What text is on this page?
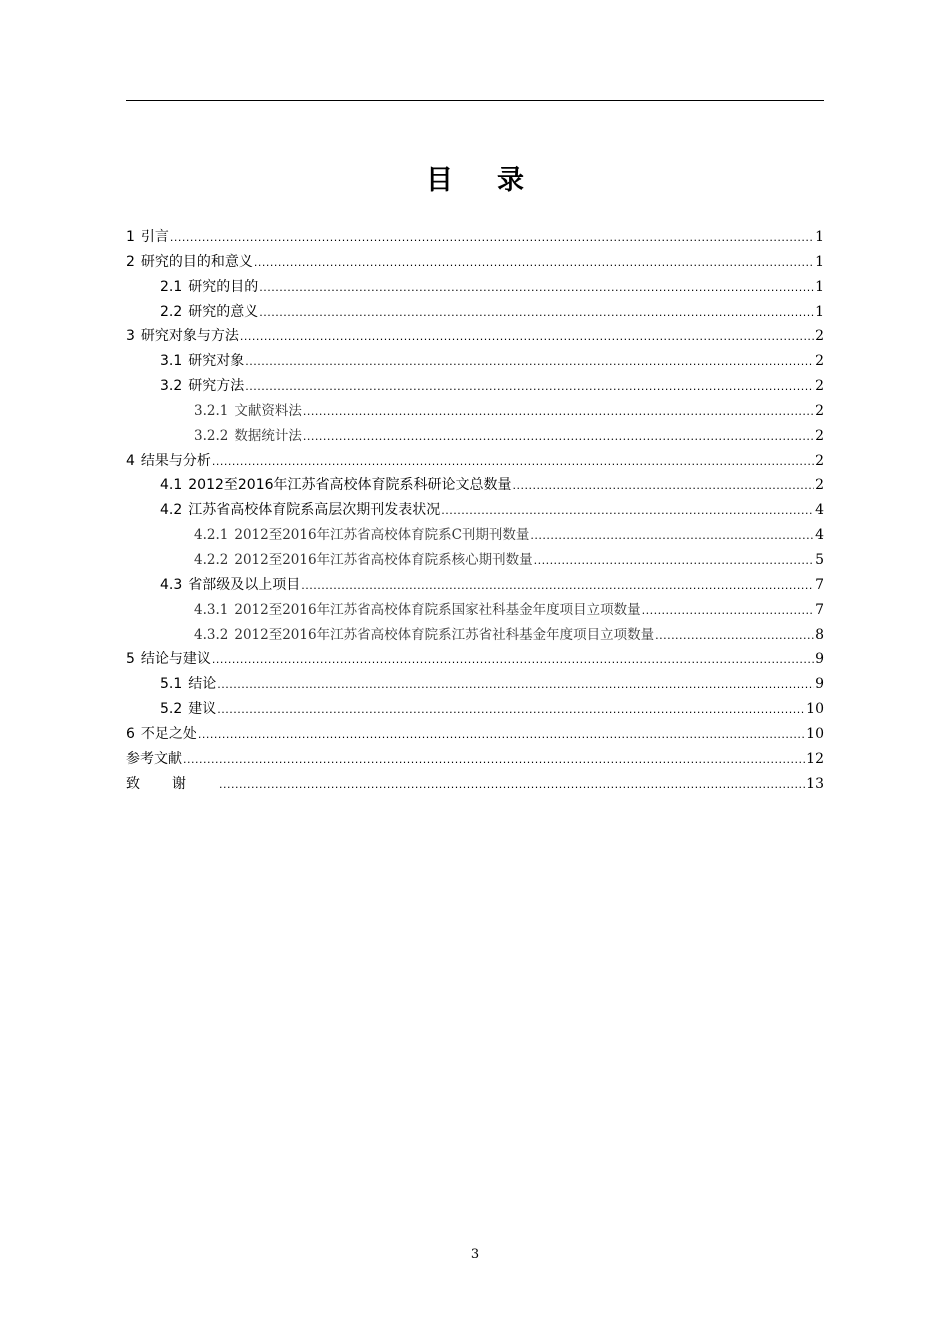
目录
1 引言 .....	1
2 研究的目的和意义 .....	1
2.1 研究的目的 .....	1
2.2 研究的意义 .....	1
3 研究对象与方法 .....	2
3.1 研究对象 .....	2
3.2 研究方法 .....	2
3.2.1 文献资料法 .....	2
3.2.2 数据统计法 .....	2
4 结果与分析 .....	2
4.1 2012至2016年江苏省高校体育院系科研论文总数量 .....	2
4.2 江苏省高校体育院系高层次期刊发表状况 .....	4
4.2.1 2012至2016年江苏省高校体育院系C刊期刊数量 .....	4
4.2.2 2012至2016年江苏省高校体育院系核心期刊数量 .....	5
4.3 省部级及以上项目 .....	7
4.3.1 2012至2016年江苏省高校体育院系国家社科基金年度项目立项数量 .....	7
4.3.2 2012至2016年江苏省高校体育院系江苏省社科基金年度项目立项数量 .....	8
5 结论与建议 .....	9
5.1 结论 .....	9
5.2 建议 .....	10
6 不足之处 .....	10
参考文献 .....	12
致谢 .....	13
3
